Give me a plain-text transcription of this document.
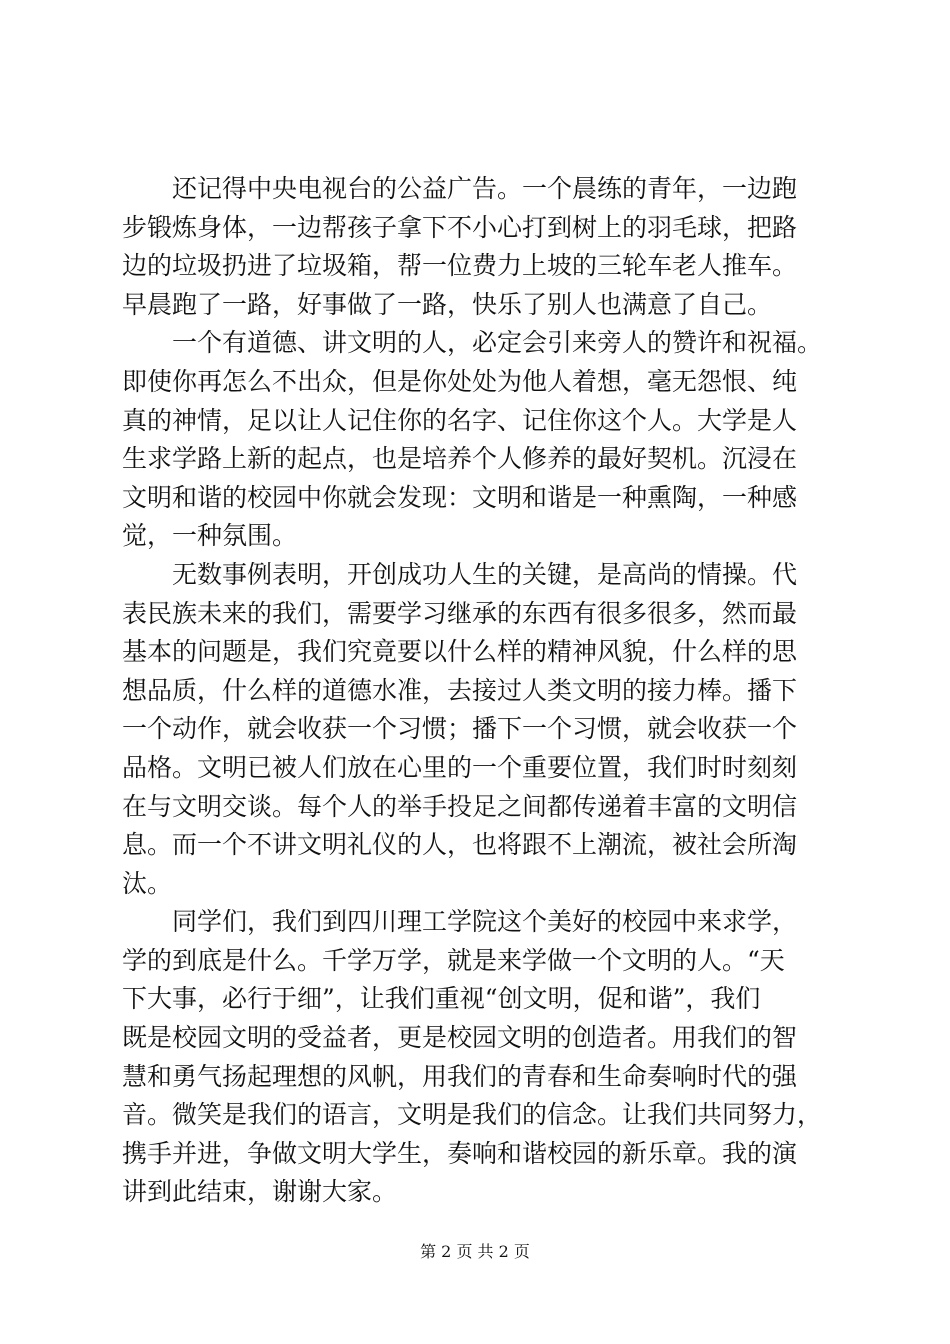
　　还记得中央电视台的公益广告。一个晨练的青年，一边跑
步锻炼身体，一边帮孩子拿下不小心打到树上的羽毛球，把路
边的垃圾扔进了垃圾箱，帮一位费力上坡的三轮车老人推车。
早晨跑了一路，好事做了一路，快乐了别人也满意了自己。
　　一个有道德、讲文明的人，必定会引来旁人的赞许和祝福。
即使你再怎么不出众，但是你处处为他人着想，毫无怨恨、纯
真的神情，足以让人记住你的名字、记住你这个人。大学是人
生求学路上新的起点，也是培养个人修养的最好契机。沉浸在
文明和谐的校园中你就会发现：文明和谐是一种熏陶，一种感
觉，一种氛围。
　　无数事例表明，开创成功人生的关键，是高尚的情操。代
表民族未来的我们，需要学习继承的东西有很多很多，然而最
基本的问题是，我们究竟要以什么样的精神风貌，什么样的思
想品质，什么样的道德水准，去接过人类文明的接力棒。播下
一个动作，就会收获一个习惯；播下一个习惯，就会收获一个
品格。文明已被人们放在心里的一个重要位置，我们时时刻刻
在与文明交谈。每个人的举手投足之间都传递着丰富的文明信
息。而一个不讲文明礼仪的人，也将跟不上潮流，被社会所淘
汰。
　　同学们，我们到四川理工学院这个美好的校园中来求学，
学的到底是什么。千学万学，就是来学做一个文明的人。“天
下大事，必行于细”，让我们重视“创文明，促和谐”，我们
既是校园文明的受益者，更是校园文明的创造者。用我们的智
慧和勇气扬起理想的风帆，用我们的青春和生命奏响时代的强
音。微笑是我们的语言，文明是我们的信念。让我们共同努力，
携手并进，争做文明大学生，奏响和谐校园的新乐章。我的演
讲到此结束，谢谢大家。
第 2 页 共 2 页
